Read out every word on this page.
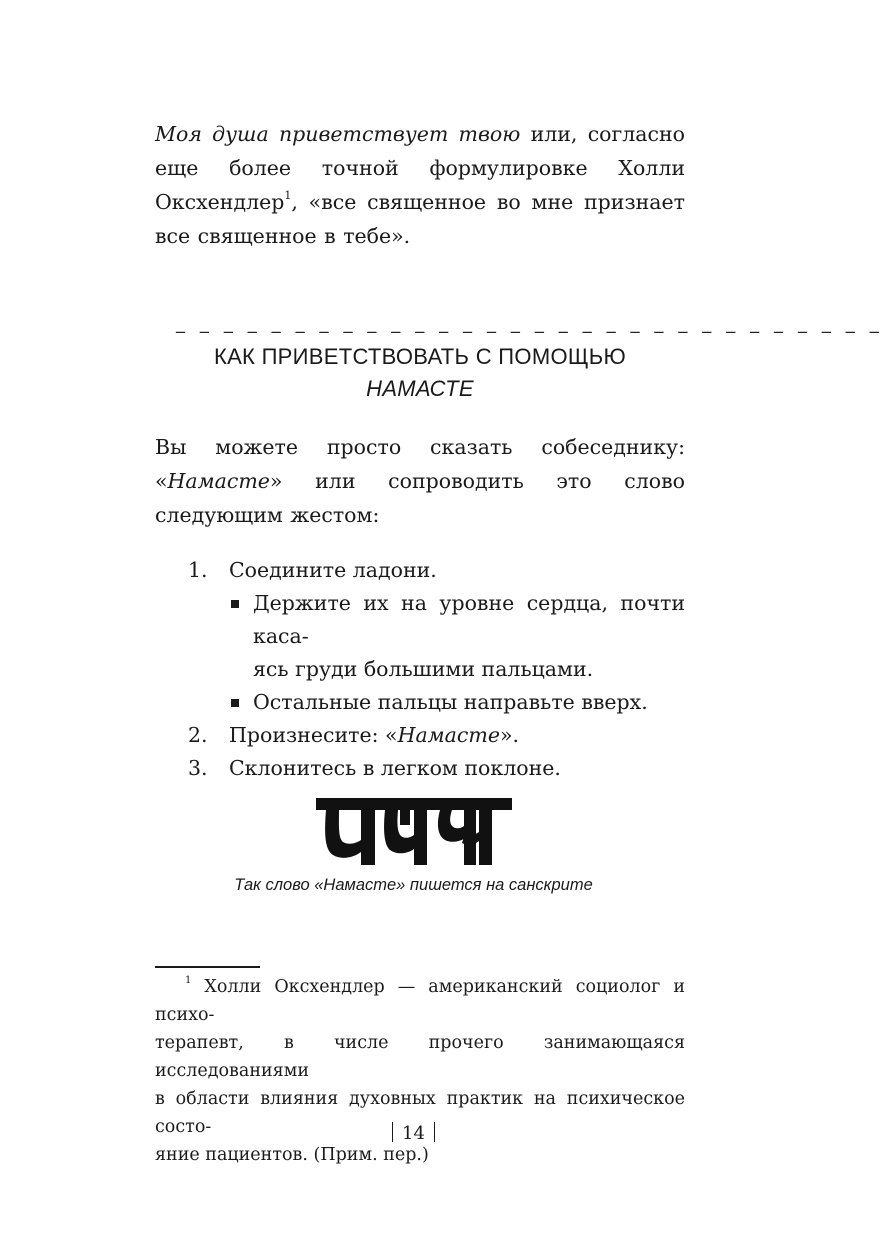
Моя душа приветствует твою или, согласно еще более точной формулировке Холли Оксхендлер$^1$, «все священное во мне признает все священное в тебе».
_ _ _ _ _ _ _ _ _ _ _ _ _ _ _ _ _ _ _ _ _ _ _ _ _ _ _ _ _ _
КАК ПРИВЕТСТВОВАТЬ С ПОМОЩЬЮ
НАМАСТЕ
Вы можете просто сказать собеседнику: «Намасте» или сопроводить это слово следующим жестом:
1. Соедините ладони.
Держите их на уровне сердца, почти каса-
ясь груди большими пальцами.
Остальные пальцы направьте вверх.
2. Произнесите: «Намасте».
3. Склонитесь в легком поклоне.
Так слово «Намасте» пишется на санскрите
$^1$ Холли Оксхендлер — американский социолог и психо-
терапевт, в числе прочего занимающаяся исследованиями
в области влияния духовных практик на психическое состо-
яние пациентов. (Прим. пер.)
14
